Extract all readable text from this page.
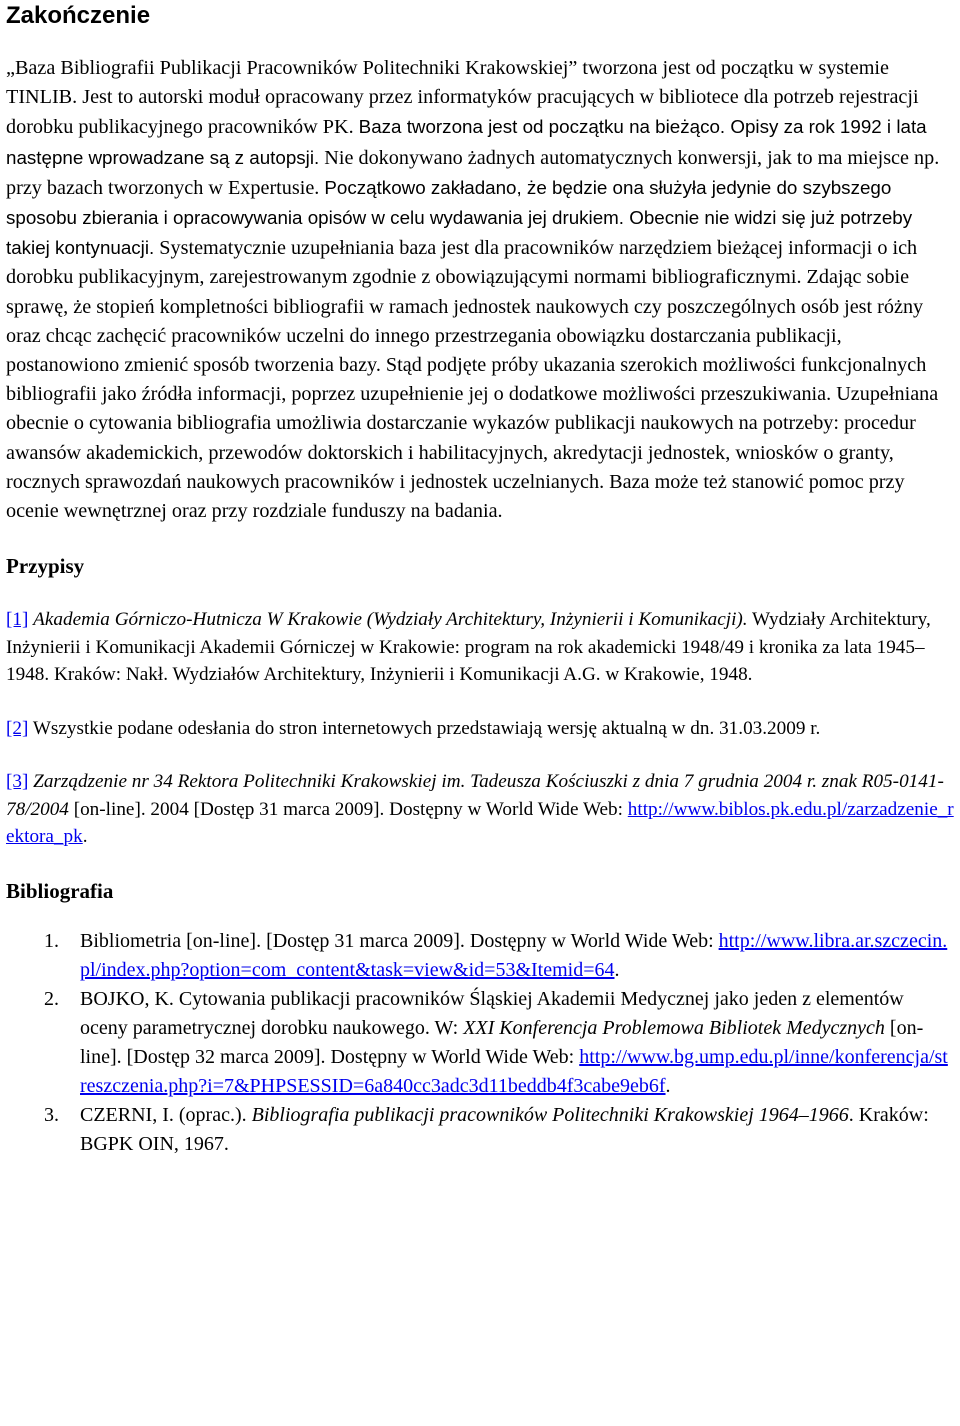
Zakończenie

„Baza Bibliografii Publikacji Pracowników Politechniki Krakowskiej” tworzona jest od początku w systemie TINLIB. Jest to autorski moduł opracowany przez informatyków pracujących w bibliotece dla potrzeb rejestracji dorobku publikacyjnego pracowników PK. Baza tworzona jest od początku na bieżąco. Opisy za rok 1992 i lata następne wprowadzane są z autopsji. Nie dokonywano żadnych automatycznych konwersji, jak to ma miejsce np. przy bazach tworzonych w Expertusie. Początkowo zakładano, że będzie ona służyła jedynie do szybszego sposobu zbierania i opracowywania opisów w celu wydawania jej drukiem. Obecnie nie widzi się już potrzeby takiej kontynuacji. Systematycznie uzupełniania baza jest dla pracowników narzędziem bieżącej informacji o ich dorobku publikacyjnym, zarejestrowanym zgodnie z obowiązującymi normami bibliograficznymi. Zdając sobie sprawę, że stopień kompletności bibliografii w ramach jednostek naukowych czy poszczególnych osób jest różny oraz chcąc zachęcić pracowników uczelni do innego przestrzegania obowiązku dostarczania publikacji, postanowiono zmienić sposób tworzenia bazy. Stąd podjęte próby ukazania szerokich możliwości funkcjonalnych bibliografii jako źródła informacji, poprzez uzupełnienie jej o dodatkowe możliwości przeszukiwania. Uzupełniana obecnie o cytowania bibliografia umożliwia dostarczanie wykazów publikacji naukowych na potrzeby: procedur awansów akademickich, przewodów doktorskich i habilitacyjnych, akredytacji jednostek, wniosków o granty, rocznych sprawozdań naukowych pracowników i jednostek uczelnianych. Baza może też stanowić pomoc przy ocenie wewnętrznej oraz przy rozdziale funduszy na badania.

Przypisy

[1] Akademia Górniczo-Hutnicza W Krakowie (Wydziały Architektury, Inżynierii i Komunikacji). Wydziały Architektury, Inżynierii i Komunikacji Akademii Górniczej w Krakowie: program na rok akademicki 1948/49 i kronika za lata 1945–1948. Kraków: Nakł. Wydziałów Architektury, Inżynierii i Komunikacji A.G. w Krakowie, 1948.

[2] Wszystkie podane odesłania do stron internetowych przedstawiają wersję aktualną w dn. 31.03.2009 r.

[3] Zarządzenie nr 34 Rektora Politechniki Krakowskiej im. Tadeusza Kościuszki z dnia 7 grudnia 2004 r. znak R05-0141- 78/2004 [on-line]. 2004 [Dostęp 31 marca 2009]. Dostępny w World Wide Web: http://www.biblos.pk.edu.pl/zarzadzenie_rektora_pk.

Bibliografia
1. Bibliometria [on-line]. [Dostęp 31 marca 2009]. Dostępny w World Wide Web: http://www.libra.ar.szczecin.pl/index.php?option=com_content&task=view&id=53&Itemid=64.
2. BOJKO, K. Cytowania publikacji pracowników Śląskiej Akademii Medycznej jako jeden z elementów oceny parametrycznej dorobku naukowego. W: XXI Konferencja Problemowa Bibliotek Medycznych [on-line]. [Dostęp 32 marca 2009]. Dostępny w World Wide Web: http://www.bg.ump.edu.pl/inne/konferencja/streszczenia.php?i=7&PHPSESSID=6a840cc3adc3d11beddb4f3cabe9eb6f.
3. CZERNI, I. (oprac.). Bibliografia publikacji pracowników Politechniki Krakowskiej 1964–1966. Kraków: BGPK OIN, 1967.
